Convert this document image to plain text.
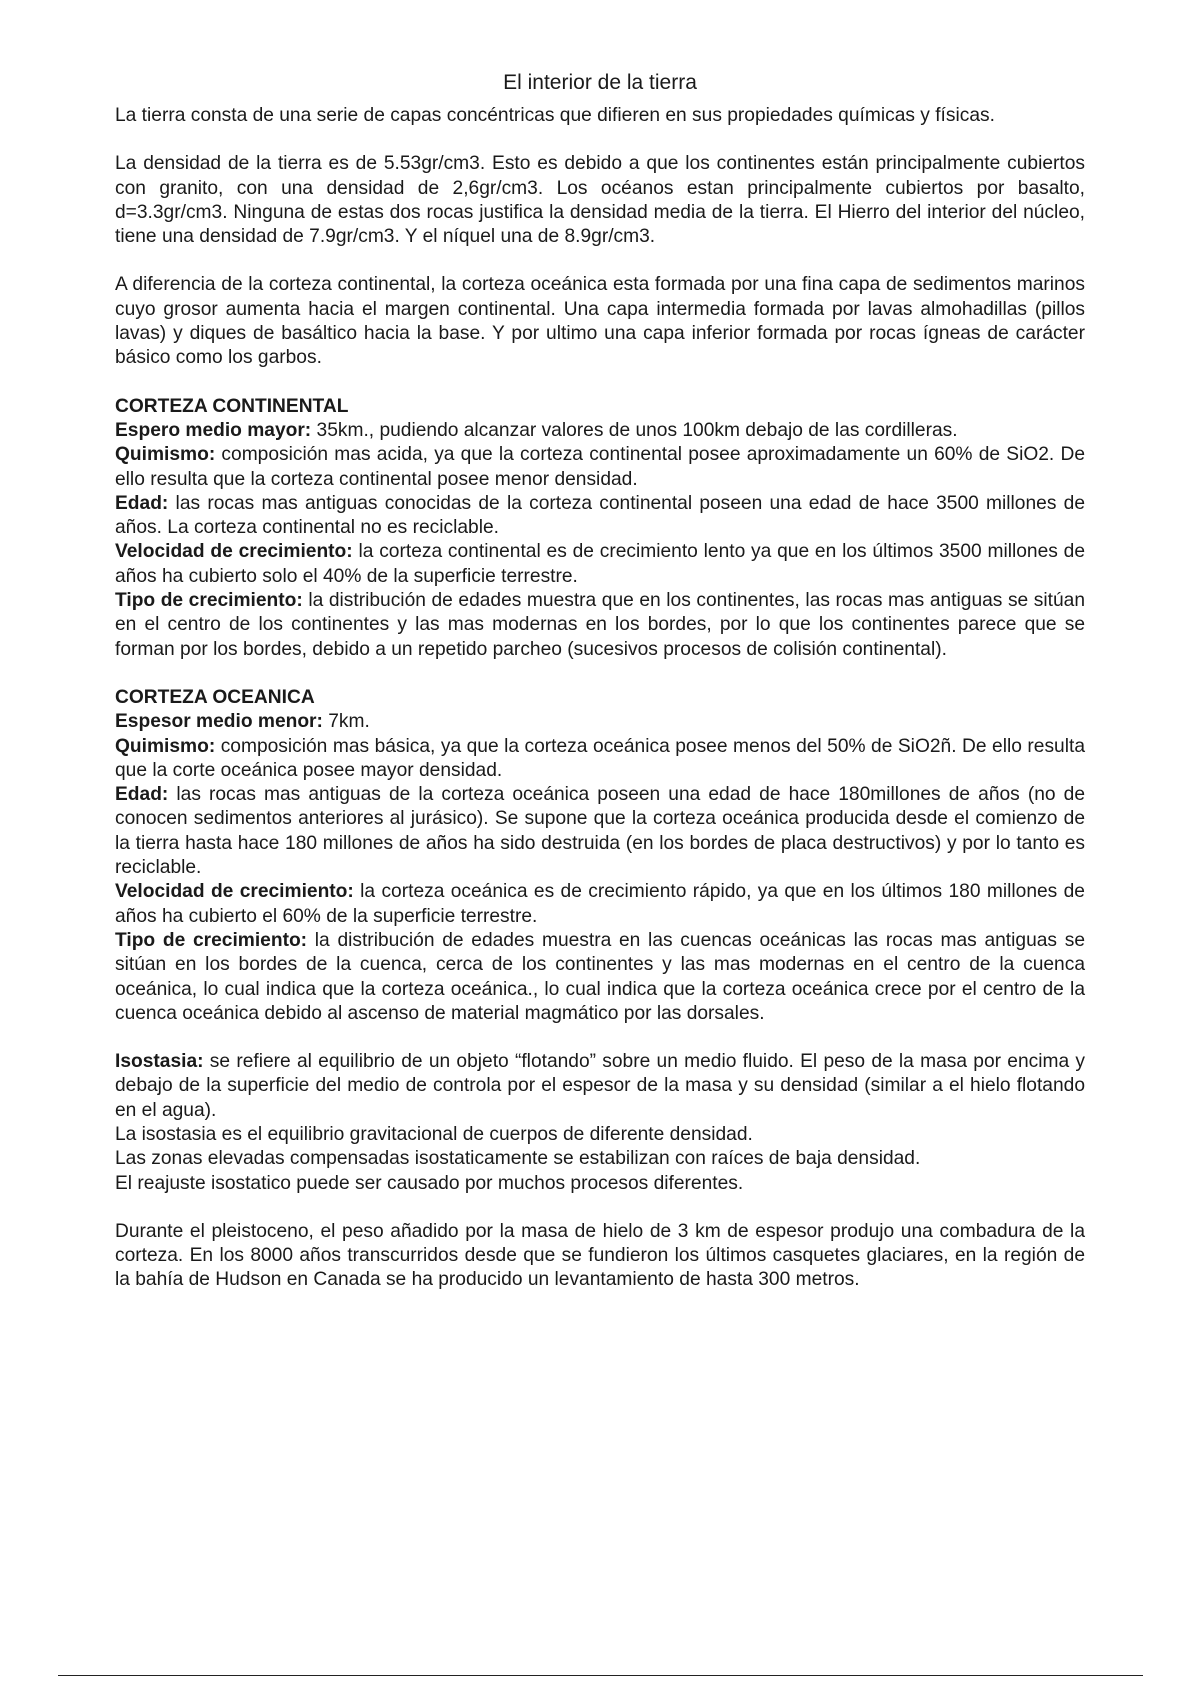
El interior de la tierra

La tierra consta de una serie de capas concéntricas que difieren en sus propiedades químicas y físicas.

La densidad de la tierra es de 5.53gr/cm3. Esto es debido a que los continentes están principalmente cubiertos con granito, con una densidad de 2,6gr/cm3. Los océanos estan principalmente cubiertos por basalto, d=3.3gr/cm3. Ninguna de estas dos rocas justifica la densidad media de la tierra. El Hierro del interior del núcleo, tiene una densidad de 7.9gr/cm3. Y el níquel una de 8.9gr/cm3.

A diferencia de la corteza continental, la corteza oceánica esta formada por una fina capa de sedimentos marinos cuyo grosor aumenta hacia el margen continental. Una capa intermedia formada por lavas almohadillas (pillos lavas) y diques de basáltico hacia la base. Y por ultimo una capa inferior formada por rocas ígneas de carácter básico como los garbos.

CORTEZA CONTINENTAL

Espero medio mayor: 35km., pudiendo alcanzar valores de unos 100km debajo de las cordilleras.

Quimismo: composición mas acida, ya que la corteza continental posee aproximadamente un 60% de SiO2. De ello resulta que la corteza continental posee menor densidad.

Edad: las rocas mas antiguas conocidas de la corteza continental poseen una edad de hace 3500 millones de años. La corteza continental no es reciclable.

Velocidad de crecimiento: la corteza continental es de crecimiento lento ya que en los últimos 3500 millones de años ha cubierto solo el 40% de la superficie terrestre.

Tipo de crecimiento: la distribución de edades muestra que en los continentes, las rocas mas antiguas se sitúan en el centro de los continentes y las mas modernas en los bordes, por lo que los continentes parece que se forman por los bordes, debido a un repetido parcheo (sucesivos procesos de colisión continental).

CORTEZA OCEANICA

Espesor medio menor: 7km.

Quimismo: composición mas básica, ya que la corteza oceánica posee menos del 50% de SiO2ñ. De ello resulta que la corte oceánica posee mayor densidad.

Edad: las rocas mas antiguas de la corteza oceánica poseen una edad de hace 180millones de años (no de conocen sedimentos anteriores al jurásico). Se supone que la corteza oceánica producida desde el comienzo de la tierra hasta hace 180 millones de años ha sido destruida (en los bordes de placa destructivos) y por lo tanto es reciclable.

Velocidad de crecimiento: la corteza oceánica es de crecimiento rápido, ya que en los últimos 180 millones de años ha cubierto el 60% de la superficie terrestre.

Tipo de crecimiento: la distribución de edades muestra en las cuencas oceánicas las rocas mas antiguas se sitúan en los bordes de la cuenca, cerca de los continentes y las mas modernas en el centro de la cuenca oceánica, lo cual indica que la corteza oceánica., lo cual indica que la corteza oceánica crece por el centro de la cuenca oceánica debido al ascenso de material magmático por las dorsales.

Isostasia: se refiere al equilibrio de un objeto “flotando” sobre un medio fluido. El peso de la masa por encima y debajo de la superficie del medio de controla por el espesor de la masa y su densidad (similar a el hielo flotando en el agua).

La isostasia es el equilibrio gravitacional de cuerpos de diferente densidad.

Las zonas elevadas compensadas isostaticamente se estabilizan con raíces de baja densidad.

El reajuste isostatico puede ser causado por muchos procesos diferentes.

Durante el pleistoceno, el peso añadido por la masa de hielo de 3 km de espesor produjo una combadura de la corteza. En los 8000 años transcurridos desde que se fundieron los últimos casquetes glaciares, en la región de la bahía de Hudson en Canada se ha producido un levantamiento de hasta 300 metros.
